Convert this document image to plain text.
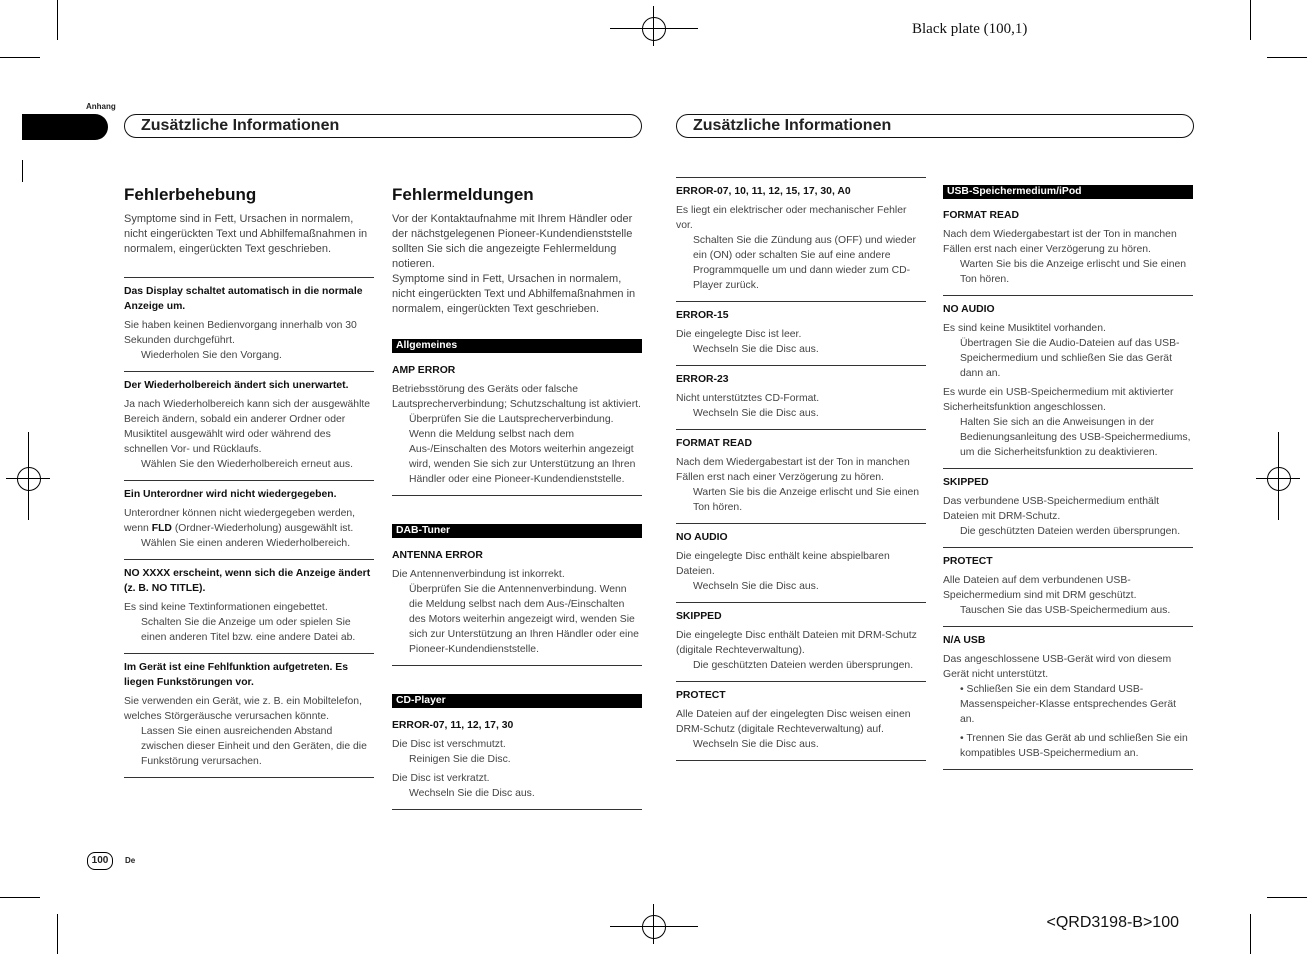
Black plate (100,1)
Anhang
Zusätzliche Informationen	Zusätzliche Informationen
Fehlerbehebung
Symptome sind in Fett, Ursachen in normalem, nicht eingerückten Text und Abhilfemaßnahmen in normalem, eingerückten Text geschrieben.
Das Display schaltet automatisch in die normale Anzeige um.
Sie haben keinen Bedienvorgang innerhalb von 30 Sekunden durchgeführt.
Wiederholen Sie den Vorgang.
Der Wiederholbereich ändert sich unerwartet.
Ja nach Wiederholbereich kann sich der ausgewählte Bereich ändern, sobald ein anderer Ordner oder Musiktitel ausgewählt wird oder während des schnellen Vor- und Rücklaufs.
Wählen Sie den Wiederholbereich erneut aus.
Ein Unterordner wird nicht wiedergegeben.
Unterordner können nicht wiedergegeben werden, wenn FLD (Ordner-Wiederholung) ausgewählt ist.
Wählen Sie einen anderen Wiederholbereich.
NO XXXX erscheint, wenn sich die Anzeige ändert (z. B. NO TITLE).
Es sind keine Textinformationen eingebettet.
Schalten Sie die Anzeige um oder spielen Sie einen anderen Titel bzw. eine andere Datei ab.
Im Gerät ist eine Fehlfunktion aufgetreten. Es liegen Funkstörungen vor.
Sie verwenden ein Gerät, wie z. B. ein Mobiltelefon, welches Störgeräusche verursachen könnte.
Lassen Sie einen ausreichenden Abstand zwischen dieser Einheit und den Geräten, die die Funkstörung verursachen.
Fehlermeldungen
Vor der Kontaktaufnahme mit Ihrem Händler oder der nächstgelegenen Pioneer-Kundendienststelle sollten Sie sich die angezeigte Fehlermeldung notieren.
Symptome sind in Fett, Ursachen in normalem, nicht eingerückten Text und Abhilfemaßnahmen in normalem, eingerückten Text geschrieben.
Allgemeines
AMP ERROR
Betriebsstörung des Geräts oder falsche Lautsprecherverbindung; Schutzschaltung ist aktiviert.
Überprüfen Sie die Lautsprecherverbindung. Wenn die Meldung selbst nach dem Aus-/Einschalten des Motors weiterhin angezeigt wird, wenden Sie sich zur Unterstützung an Ihren Händler oder eine Pioneer-Kundendienststelle.
DAB-Tuner
ANTENNA ERROR
Die Antennenverbindung ist inkorrekt.
Überprüfen Sie die Antennenverbindung. Wenn die Meldung selbst nach dem Aus-/Einschalten des Motors weiterhin angezeigt wird, wenden Sie sich zur Unterstützung an Ihren Händler oder eine Pioneer-Kundendienststelle.
CD-Player
ERROR-07, 11, 12, 17, 30
Die Disc ist verschmutzt.
Reinigen Sie die Disc.
Die Disc ist verkratzt.
Wechseln Sie die Disc aus.
ERROR-07, 10, 11, 12, 15, 17, 30, A0
Es liegt ein elektrischer oder mechanischer Fehler vor.
Schalten Sie die Zündung aus (OFF) und wieder ein (ON) oder schalten Sie auf eine andere Programmquelle um und dann wieder zum CD-Player zurück.
ERROR-15
Die eingelegte Disc ist leer.
Wechseln Sie die Disc aus.
ERROR-23
Nicht unterstütztes CD-Format.
Wechseln Sie die Disc aus.
FORMAT READ
Nach dem Wiedergabestart ist der Ton in manchen Fällen erst nach einer Verzögerung zu hören.
Warten Sie bis die Anzeige erlischt und Sie einen Ton hören.
NO AUDIO
Die eingelegte Disc enthält keine abspielbaren Dateien.
Wechseln Sie die Disc aus.
SKIPPED
Die eingelegte Disc enthält Dateien mit DRM-Schutz (digitale Rechteverwaltung).
Die geschützten Dateien werden übersprungen.
PROTECT
Alle Dateien auf der eingelegten Disc weisen einen DRM-Schutz (digitale Rechteverwaltung) auf.
Wechseln Sie die Disc aus.
USB-Speichermedium/iPod
FORMAT READ
Nach dem Wiedergabestart ist der Ton in manchen Fällen erst nach einer Verzögerung zu hören.
Warten Sie bis die Anzeige erlischt und Sie einen Ton hören.
NO AUDIO
Es sind keine Musiktitel vorhanden.
Übertragen Sie die Audio-Dateien auf das USB-Speichermedium und schließen Sie das Gerät dann an.
Es wurde ein USB-Speichermedium mit aktivierter Sicherheitsfunktion angeschlossen.
Halten Sie sich an die Anweisungen in der Bedienungsanleitung des USB-Speichermediums, um die Sicherheitsfunktion zu deaktivieren.
SKIPPED
Das verbundene USB-Speichermedium enthält Dateien mit DRM-Schutz.
Die geschützten Dateien werden übersprungen.
PROTECT
Alle Dateien auf dem verbundenen USB-Speichermedium sind mit DRM geschützt.
Tauschen Sie das USB-Speichermedium aus.
N/A USB
Das angeschlossene USB-Gerät wird von diesem Gerät nicht unterstützt.
• Schließen Sie ein dem Standard USB-Massenspeicher-Klasse entsprechendes Gerät an.
• Trennen Sie das Gerät ab und schließen Sie ein kompatibles USB-Speichermedium an.
100	De
<QRD3198-B>100
